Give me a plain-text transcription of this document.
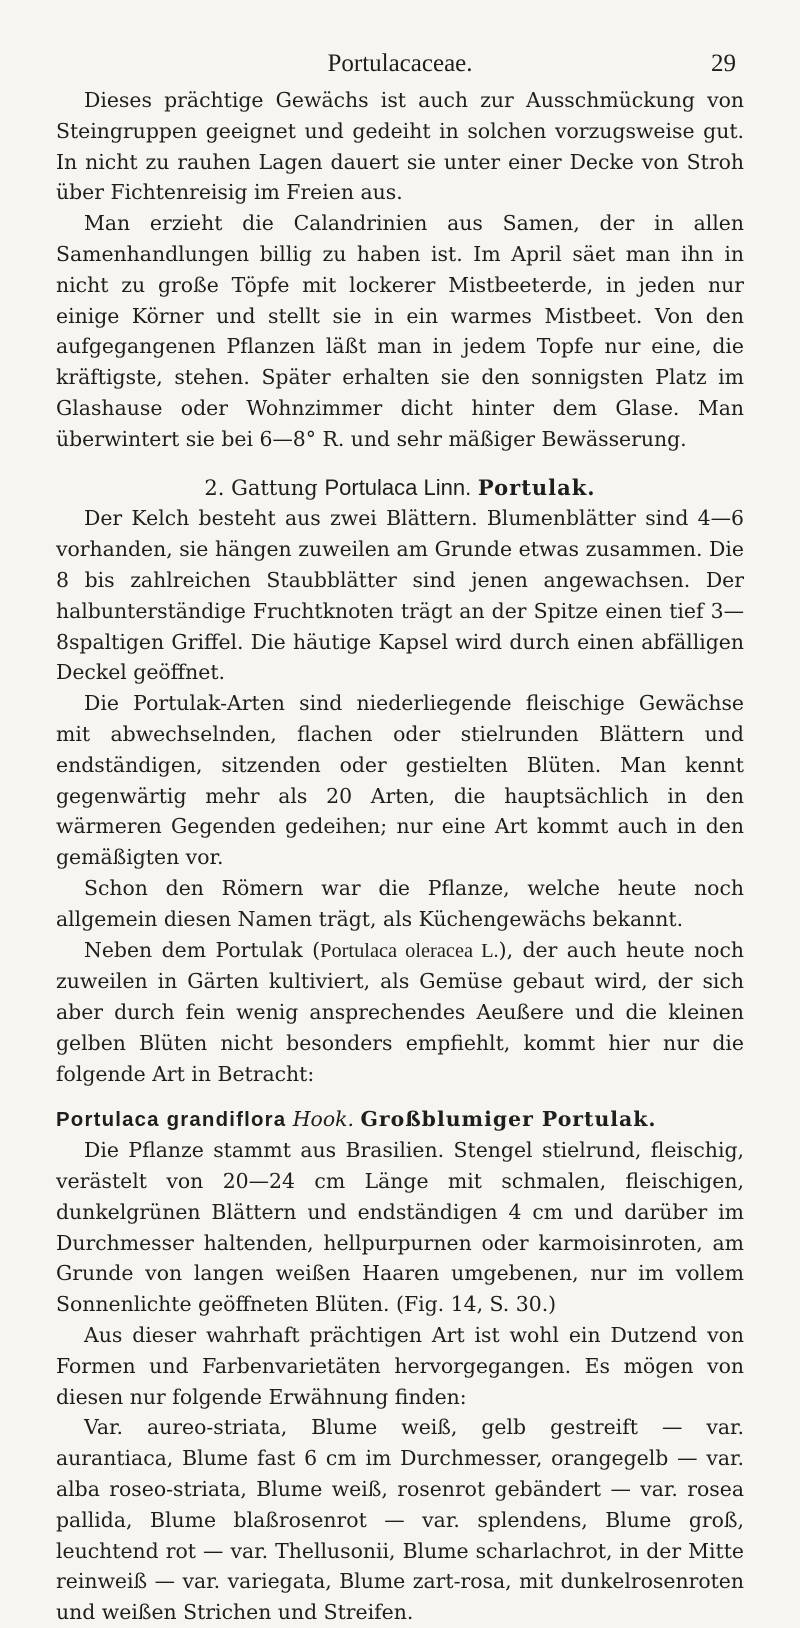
Portulacaceae.	29

Dieses prächtige Gewächs ist auch zur Ausschmückung von Steingruppen geeignet und gedeiht in solchen vorzugsweise gut. In nicht zu rauhen Lagen dauert sie unter einer Decke von Stroh über Fichtenreisig im Freien aus.

Man erzieht die Calandrinien aus Samen, der in allen Samenhandlungen billig zu haben ist. Im April säet man ihn in nicht zu große Töpfe mit lockerer Mistbeeterde, in jeden nur einige Körner und stellt sie in ein warmes Mistbeet. Von den aufgegangenen Pflanzen läßt man in jedem Topfe nur eine, die kräftigste, stehen. Später erhalten sie den sonnigsten Platz im Glashause oder Wohnzimmer dicht hinter dem Glase. Man überwintert sie bei 6—8° R. und sehr mäßiger Bewässerung.

2. Gattung Portulaca Linn. Portulak.

Der Kelch besteht aus zwei Blättern. Blumenblätter sind 4—6 vorhanden, sie hängen zuweilen am Grunde etwas zusammen. Die 8 bis zahlreichen Staubblätter sind jenen angewachsen. Der halbunterständige Fruchtknoten trägt an der Spitze einen tief 3—8spaltigen Griffel. Die häutige Kapsel wird durch einen abfälligen Deckel geöffnet.

Die Portulak-Arten sind niederliegende fleischige Gewächse mit abwechselnden, flachen oder stielrunden Blättern und endständigen, sitzenden oder gestielten Blüten. Man kennt gegenwärtig mehr als 20 Arten, die hauptsächlich in den wärmeren Gegenden gedeihen; nur eine Art kommt auch in den gemäßigten vor.

Schon den Römern war die Pflanze, welche heute noch allgemein diesen Namen trägt, als Küchengewächs bekannt.

Neben dem Portulak (Portulaca oleracea L.), der auch heute noch zuweilen in Gärten kultiviert, als Gemüse gebaut wird, der sich aber durch fein wenig ansprechendes Aeußere und die kleinen gelben Blüten nicht besonders empfiehlt, kommt hier nur die folgende Art in Betracht:

Portulaca grandiflora Hook. Großblumiger Portulak.

Die Pflanze stammt aus Brasilien. Stengel stielrund, fleischig, verästelt von 20—24 cm Länge mit schmalen, fleischigen, dunkelgrünen Blättern und endständigen 4 cm und darüber im Durchmesser haltenden, hellpurpurnen oder karmoisinroten, am Grunde von langen weißen Haaren umgebenen, nur im vollem Sonnenlichte geöffneten Blüten. (Fig. 14, S. 30.)

Aus dieser wahrhaft prächtigen Art ist wohl ein Dutzend von Formen und Farbenvarietäten hervorgegangen. Es mögen von diesen nur folgende Erwähnung finden:

Var. aureo-striata, Blume weiß, gelb gestreift — var. aurantiaca, Blume fast 6 cm im Durchmesser, orangegelb — var. alba roseo-striata, Blume weiß, rosenrot gebändert — var. rosea pallida, Blume blaßrosenrot — var. splendens, Blume groß, leuchtend rot — var. Thellusonii, Blume scharlachrot, in der Mitte reinweiß — var. variegata, Blume zart-rosa, mit dunkelrosenroten und weißen Strichen und Streifen.
